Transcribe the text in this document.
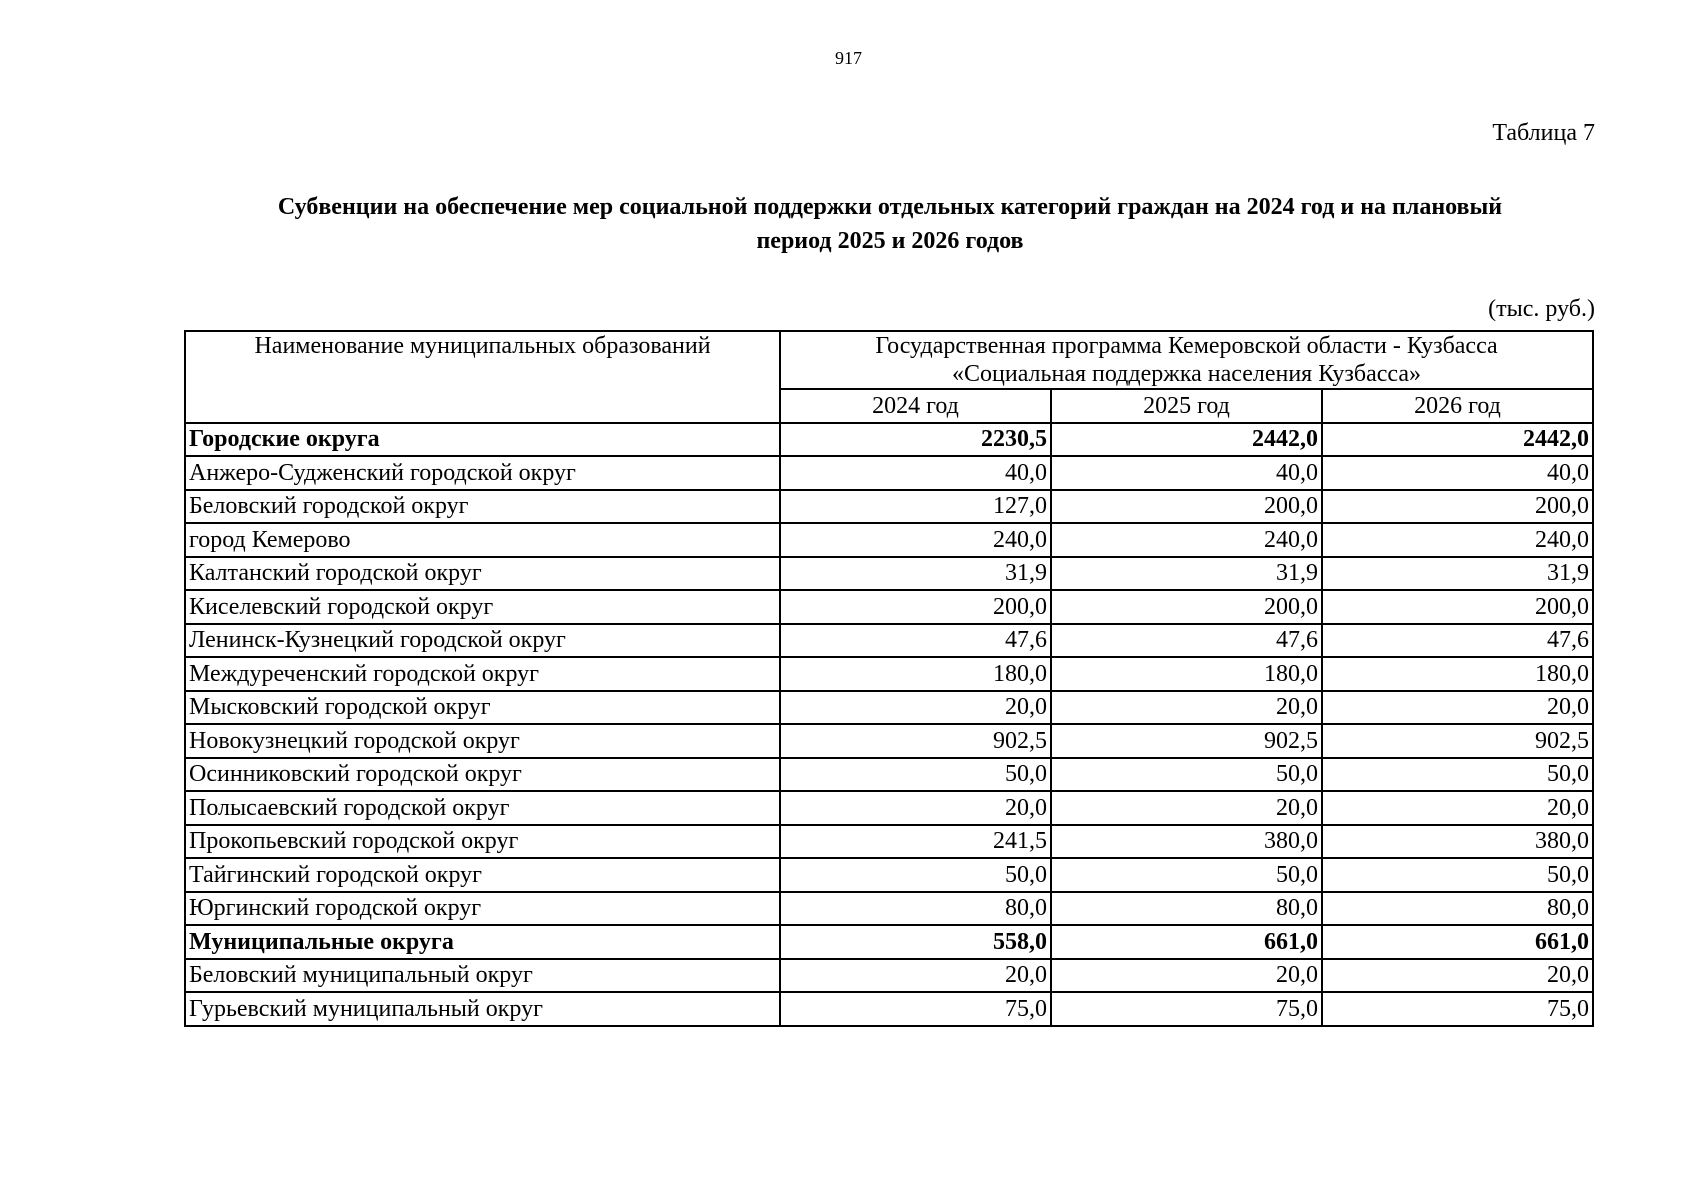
917
Таблица 7
Субвенции на обеспечение мер социальной поддержки отдельных категорий граждан на 2024 год и на плановый
период 2025 и 2026 годов
(тыс. руб.)
Наименование муниципальных образований	Государственная программа Кемеровской области - Кузбасса
«Социальная поддержка населения Кузбасса»		

	2024 год	2025 год	2026 год
Городские округа	2230,5	2442,0	2442,0
Анжеро-Судженский городской округ	40,0	40,0	40,0
Беловский городской округ	127,0	200,0	200,0
город Кемерово	240,0	240,0	240,0
Калтанский городской округ	31,9	31,9	31,9
Киселевский городской округ	200,0	200,0	200,0
Ленинск-Кузнецкий городской округ	47,6	47,6	47,6
Междуреченский городской округ	180,0	180,0	180,0
Мысковский городской округ	20,0	20,0	20,0
Новокузнецкий городской округ	902,5	902,5	902,5
Осинниковский городской округ	50,0	50,0	50,0
Полысаевский городской округ	20,0	20,0	20,0
Прокопьевский городской округ	241,5	380,0	380,0
Тайгинский городской округ	50,0	50,0	50,0
Юргинский городской округ	80,0	80,0	80,0
Муниципальные округа	558,0	661,0	661,0
Беловский муниципальный округ	20,0	20,0	20,0
Гурьевский муниципальный округ	75,0	75,0	75,0
